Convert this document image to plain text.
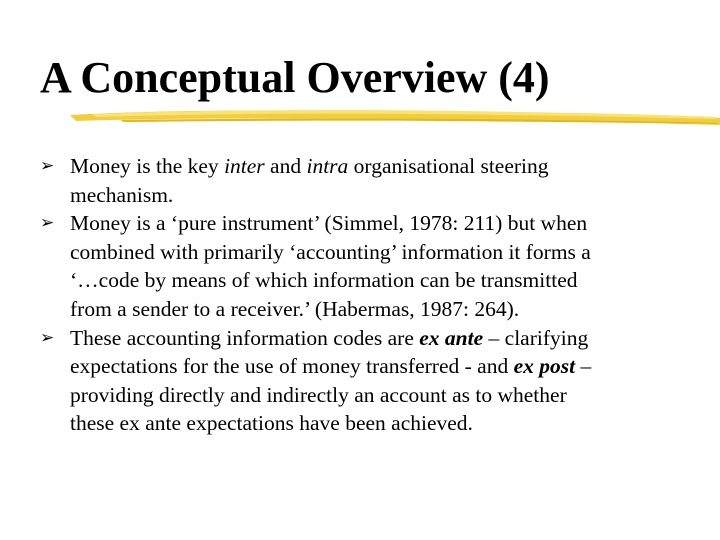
A Conceptual Overview (4)
➢ Money is the key inter and intra organisational steering
mechanism.
➢ Money is a ‘pure instrument’ (Simmel, 1978: 211) but when
combined with primarily ‘accounting’ information it forms a
‘…code by means of which information can be transmitted
from a sender to a receiver.’ (Habermas, 1987: 264).
➢ These accounting information codes are ex ante – clarifying
expectations for the use of money transferred - and ex post –
providing directly and indirectly an account as to whether
these ex ante expectations have been achieved.
